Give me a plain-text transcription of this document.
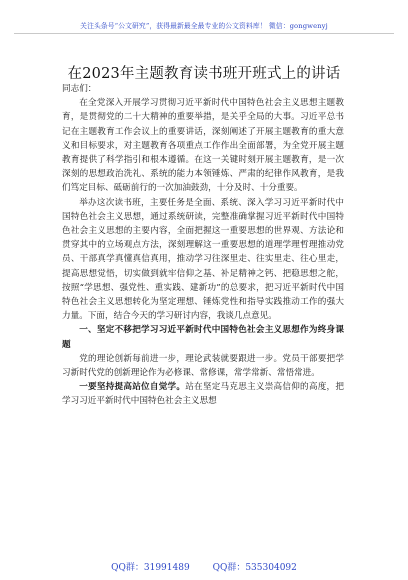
关注头条号“公文研究”，获得最新最全最专业的公文资料库！ 微信：gongwenyj
在2023年主题教育读书班开班式上的讲话

同志们：

在全党深入开展学习贯彻习近平新时代中国特色社会主义思想主题教育，是贯彻党的二十大精神的重要举措，是关乎全局的大事。习近平总书记在主题教育工作会议上的重要讲话，深刻阐述了开展主题教育的重大意义和目标要求，对主题教育各项重点工作作出全面部署，为全党开展主题教育提供了科学指引和根本遵循。在这一关键时刻开展主题教育，是一次深刻的思想政治洗礼、系统的能力本领锤炼、严肃的纪律作风教育，是我们笃定目标、砥砺前行的一次加油鼓劲，十分及时、十分重要。

举办这次读书班，主要任务是全面、系统、深入学习习近平新时代中国特色社会主义思想，通过系统研读，完整准确掌握习近平新时代中国特色社会主义思想的主要内容，全面把握这一重要思想的世界观、方法论和贯穿其中的立场观点方法，深刻理解这一重要思想的道理学理哲理推动党员、干部真学真懂真信真用，推动学习往深里走、往实里走、往心里走，提高思想觉悟，切实做到就牢信仰之基、补足精神之钙、把稳思想之舵，按照“学思想、强党性、重实践、建新功”的总要求，把习近平新时代中国特色社会主义思想转化为坚定理想、锤炼党性和指导实践推动工作的强大力量。下面，结合今天的学习研讨内容，我谈几点意见。

一、坚定不移把学习习近平新时代中国特色社会主义思想作为终身课题

党的理论创新每前进一步，理论武装就要跟进一步。党员干部要把学习新时代党的创新理论作为必修课、常修课，常学常新、常悟常进。

一要坚持提高站位自觉学。站在坚定马克思主义崇高信仰的高度，把学习习近平新时代中国特色社会主义思想

QQ群：31991489	QQ群：535304092
